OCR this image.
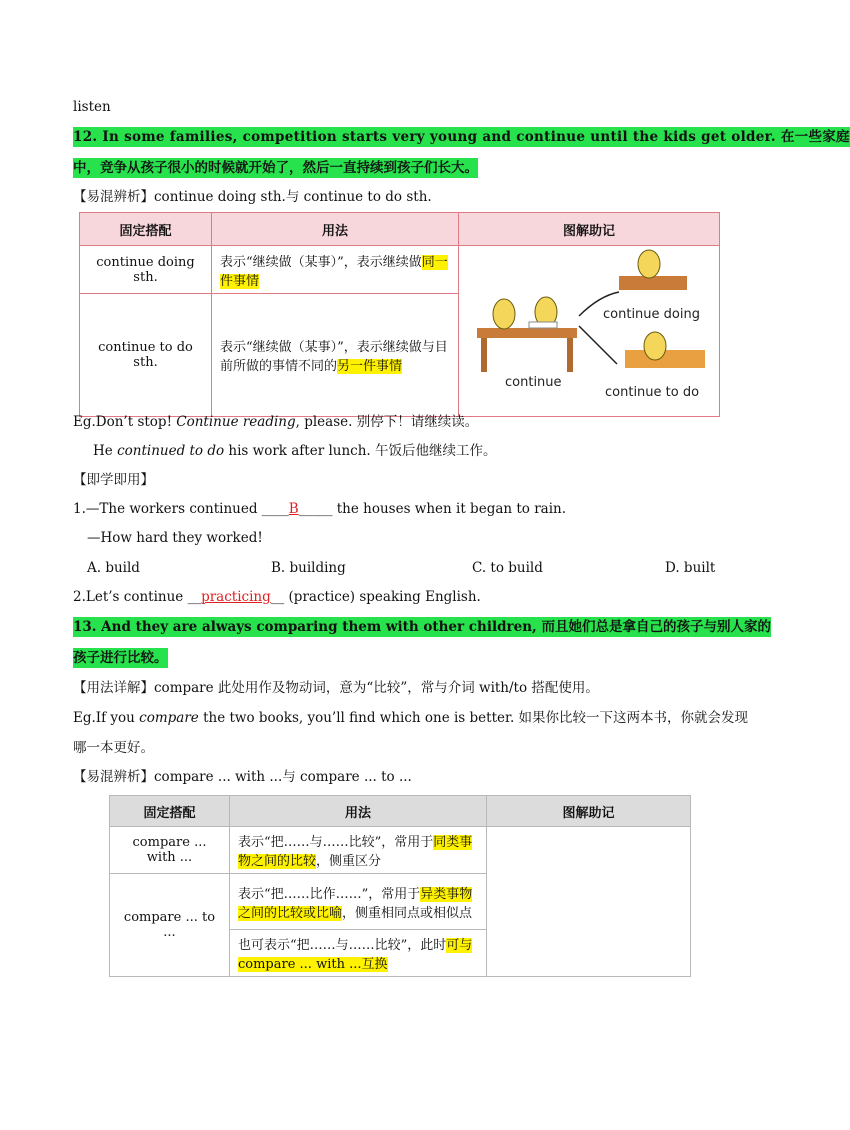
listen
12. In some families, competition starts very young and continue until the kids get older. 在一些家庭
中，竞争从孩子很小的时候就开始了，然后一直持续到孩子们长大。
【易混辨析】continue doing sth.与 continue to do sth.
固定搭配	用法	图解助记
continue doing sth.	表示“继续做（某事）”，表示继续做同一件事情	continue doing
continue
continue to do

continue to do sth.	表示“继续做（某事）”，表示继续做与目前所做的事情不同的另一件事情	
Eg.Don’t stop! Continue reading, please. 别停下！请继续读。
He continued to do his work after lunch. 午饭后他继续工作。
【即学即用】
1.—The workers continued ____B_____ the houses when it began to rain.
—How hard they worked!
A. build	B. building	C. to build	D. built
2.Let’s continue __practicing__ (practice) speaking English.
13. And they are always comparing them with other children, 而且她们总是拿自己的孩子与别人家的
孩子进行比较。
【用法详解】compare 此处用作及物动词，意为“比较”，常与介词 with/to 搭配使用。
Eg.If you compare the two books, you’ll find which one is better. 如果你比较一下这两本书，你就会发现
哪一本更好。
【易混辨析】compare ... with ...与 compare ... to ...
固定搭配	用法	图解助记
compare ... with ...	表示“把……与……比较”，常用于同类事物之间的比较，侧重区分	
compare ... to ...	表示“把……比作……”，常用于异类事物之间的比较或比喻，侧重相同点或相似点	
	也可表示“把……与……比较”，此时可与 compare ... with ...互换	
